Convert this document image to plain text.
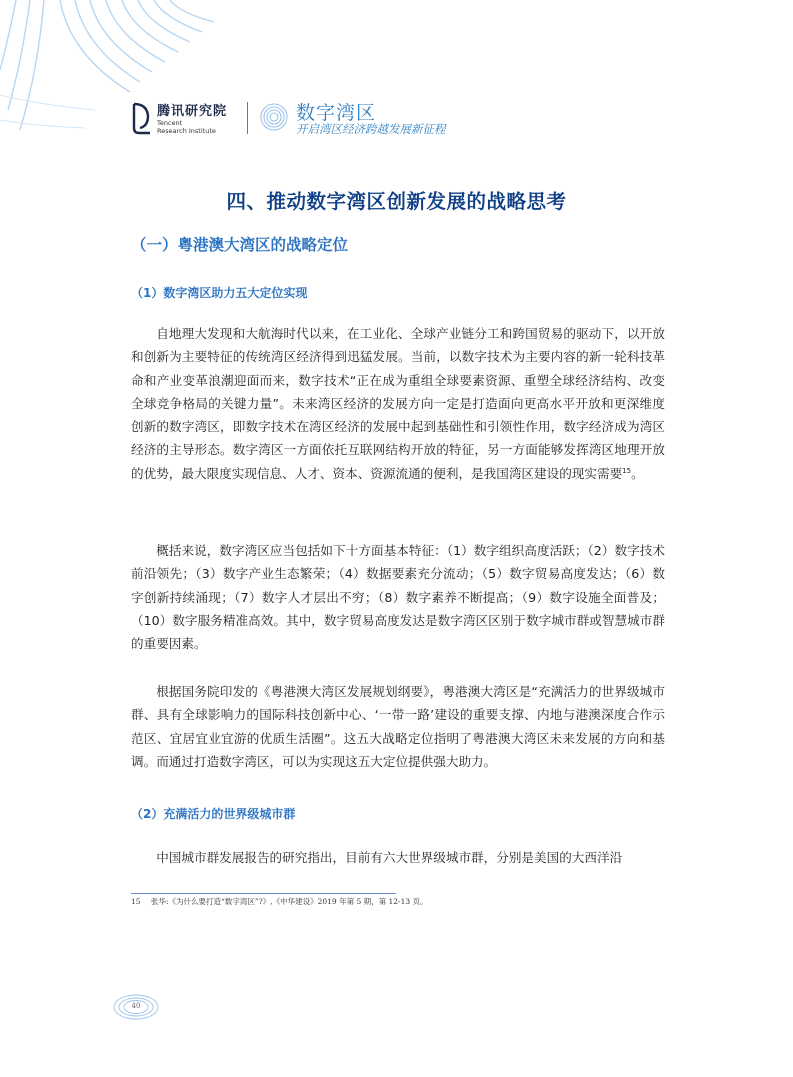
腾讯研究院
Tencent
Research Institute
数字湾区
开启湾区经济跨越发展新征程
四、推动数字湾区创新发展的战略思考
（一）粤港澳大湾区的战略定位
（1）数字湾区助力五大定位实现

自地理大发现和大航海时代以来，在工业化、全球产业链分工和跨国贸易的驱动下，以开放和创新为主要特征的传统湾区经济得到迅猛发展。当前，以数字技术为主要内容的新一轮科技革命和产业变革浪潮迎面而来，数字技术“正在成为重组全球要素资源、重塑全球经济结构、改变全球竞争格局的关键力量”。未来湾区经济的发展方向一定是打造面向更高水平开放和更深维度创新的数字湾区，即数字技术在湾区经济的发展中起到基础性和引领性作用，数字经济成为湾区经济的主导形态。数字湾区一方面依托互联网结构开放的特征，另一方面能够发挥湾区地理开放的优势，最大限度实现信息、人才、资本、资源流通的便利，是我国湾区建设的现实需要$^{15}$。

概括来说，数字湾区应当包括如下十方面基本特征：（1）数字组织高度活跃；（2）数字技术前沿领先；（3）数字产业生态繁荣；（4）数据要素充分流动；（5）数字贸易高度发达；（6）数字创新持续涌现；（7）数字人才层出不穷；（8）数字素养不断提高；（9）数字设施全面普及；（10）数字服务精准高效。其中，数字贸易高度发达是数字湾区区别于数字城市群或智慧城市群的重要因素。

根据国务院印发的《粤港澳大湾区发展规划纲要》，粤港澳大湾区是“充满活力的世界级城市群、具有全球影响力的国际科技创新中心、‘一带一路’建设的重要支撑、内地与港澳深度合作示范区、宜居宜业宜游的优质生活圈”。这五大战略定位指明了粤港澳大湾区未来发展的方向和基调。而通过打造数字湾区，可以为实现这五大定位提供强大助力。

（2）充满活力的世界级城市群

中国城市群发展报告的研究指出，目前有六大世界级城市群，分别是美国的大西洋沿

15 张华:《为什么要打造“数字湾区”?》,《中华建设》2019 年第 5 期，第 12-13 页。
40
